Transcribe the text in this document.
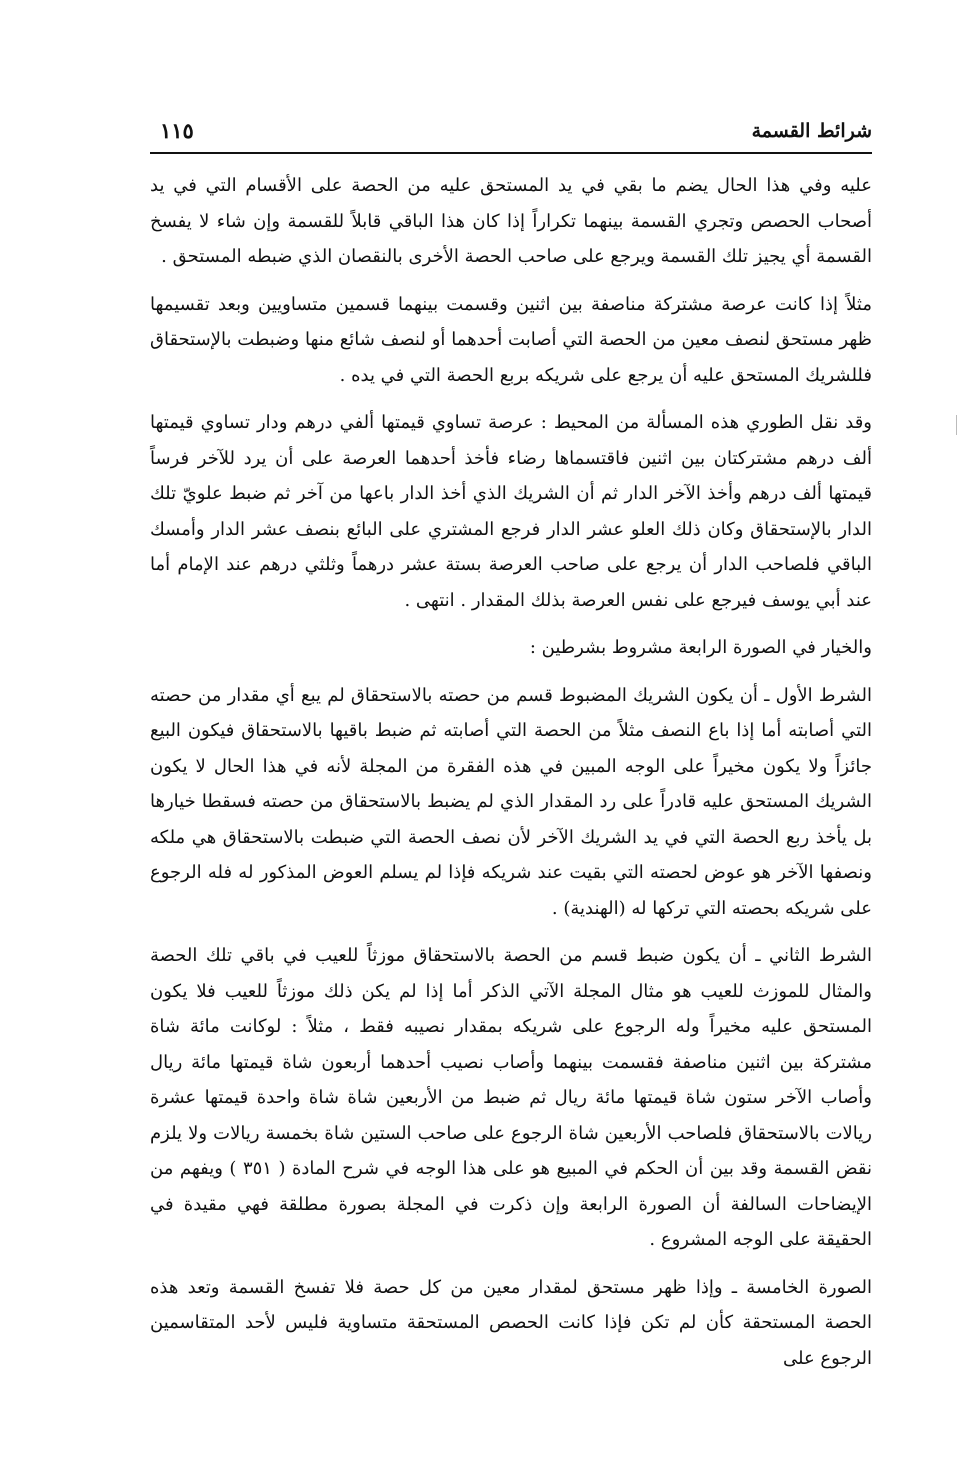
شرائط القسمة
١١٥

عليه وفي هذا الحال يضم ما بقي في يد المستحق عليه من الحصة على الأقسام التي في يد أصحاب الحصص وتجري القسمة بينهما تكراراً إذا كان هذا الباقي قابلاً للقسمة وإن شاء لا يفسخ القسمة أي يجيز تلك القسمة ويرجع على صاحب الحصة الأخرى بالنقصان الذي ضبطه المستحق .

مثلاً إذا كانت عرصة مشتركة مناصفة بين اثنين وقسمت بينهما قسمين متساويين وبعد تقسيمها ظهر مستحق لنصف معين من الحصة التي أصابت أحدهما أو لنصف شائع منها وضبطت بالإستحقاق فللشريك المستحق عليه أن يرجع على شريكه بربع الحصة التي في يده .

وقد نقل الطوري هذه المسألة من المحيط : عرصة تساوي قيمتها ألفي درهم ودار تساوي قيمتها ألف درهم مشتركتان بين اثنين فاقتسماها رضاء فأخذ أحدهما العرصة على أن يرد للآخر فرساً قيمتها ألف درهم وأخذ الآخر الدار ثم أن الشريك الذي أخذ الدار باعها من آخر ثم ضبط علويّ تلك الدار بالإستحقاق وكان ذلك العلو عشر الدار فرجع المشتري على البائع بنصف عشر الدار وأمسك الباقي فلصاحب الدار أن يرجع على صاحب العرصة بستة عشر درهماً وثلثي درهم عند الإمام أما عند أبي يوسف فيرجع على نفس العرصة بذلك المقدار . انتهى .

والخيار في الصورة الرابعة مشروط بشرطين :

الشرط الأول ـ أن يكون الشريك المضبوط قسم من حصته بالاستحقاق لم يبع أي مقدار من حصته التي أصابته أما إذا باع النصف مثلاً من الحصة التي أصابته ثم ضبط باقيها بالاستحقاق فيكون البيع جائزاً ولا يكون مخيراً على الوجه المبين في هذه الفقرة من المجلة لأنه في هذا الحال لا يكون الشريك المستحق عليه قادراً على رد المقدار الذي لم يضبط بالاستحقاق من حصته فسقطا خيارها بل يأخذ ربع الحصة التي في يد الشريك الآخر لأن نصف الحصة التي ضبطت بالاستحقاق هي ملكه ونصفها الآخر هو عوض لحصته التي بقيت عند شريكه فإذا لم يسلم العوض المذكور له فله الرجوع على شريكه بحصته التي تركها له (الهندية) .

الشرط الثاني ـ أن يكون ضبط قسم من الحصة بالاستحقاق موزثاً للعيب في باقي تلك الحصة والمثال للموزث للعيب هو مثال المجلة الآتي الذكر أما إذا لم يكن ذلك موزثاً للعيب فلا يكون المستحق عليه مخيراً وله الرجوع على شريكه بمقدار نصيبه فقط ، مثلاً : لوكانت مائة شاة مشتركة بين اثنين مناصفة فقسمت بينهما وأصاب نصيب أحدهما أربعون شاة قيمتها مائة ريال وأصاب الآخر ستون شاة قيمتها مائة ريال ثم ضبط من الأربعين شاة شاة واحدة قيمتها عشرة ريالات بالاستحقاق فلصاحب الأربعين شاة الرجوع على صاحب الستين شاة بخمسة ريالات ولا يلزم نقض القسمة وقد بين أن الحكم في المبيع هو على هذا الوجه في شرح المادة ( ٣٥١ ) ويفهم من الإيضاحات السالفة أن الصورة الرابعة وإن ذكرت في المجلة بصورة مطلقة فهي مقيدة في الحقيقة على الوجه المشروع .

الصورة الخامسة ـ وإذا ظهر مستحق لمقدار معين من كل حصة فلا تفسخ القسمة وتعد هذه الحصة المستحقة كأن لم تكن فإذا كانت الحصص المستحقة متساوية فليس لأحد المتقاسمين الرجوع على
